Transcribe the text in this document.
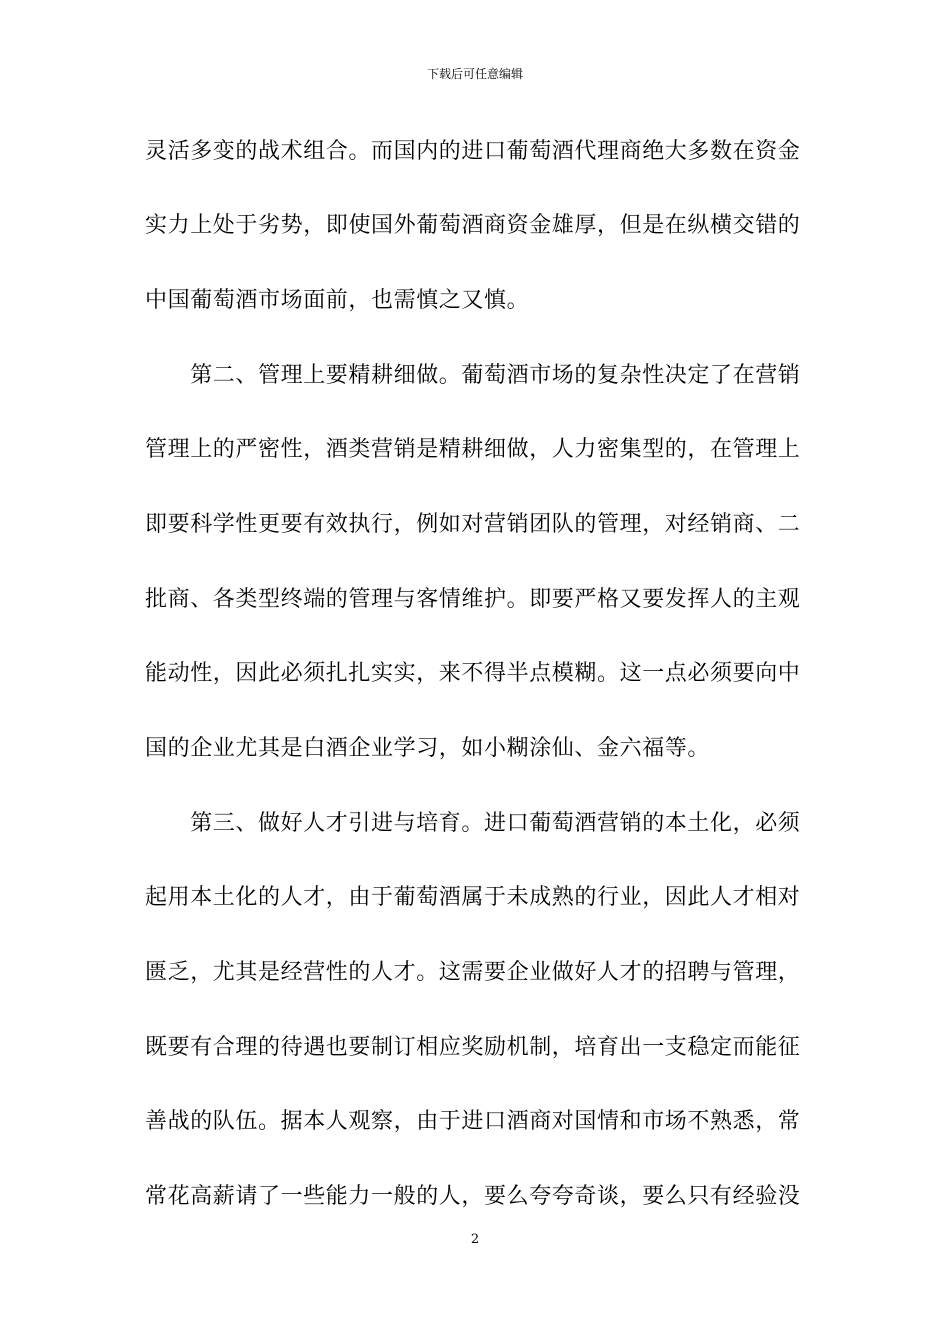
下载后可任意编辑
灵活多变的战术组合。而国内的进口葡萄酒代理商绝大多数在资金
实力上处于劣势，即使国外葡萄酒商资金雄厚，但是在纵横交错的
中国葡萄酒市场面前，也需慎之又慎。
　　第二、管理上要精耕细做。葡萄酒市场的复杂性决定了在营销
管理上的严密性，酒类营销是精耕细做，人力密集型的，在管理上
即要科学性更要有效执行，例如对营销团队的管理，对经销商、二
批商、各类型终端的管理与客情维护。即要严格又要发挥人的主观
能动性，因此必须扎扎实实，来不得半点模糊。这一点必须要向中
国的企业尤其是白酒企业学习，如小糊涂仙、金六福等。
　　第三、做好人才引进与培育。进口葡萄酒营销的本土化，必须
起用本土化的人才，由于葡萄酒属于未成熟的行业，因此人才相对
匮乏，尤其是经营性的人才。这需要企业做好人才的招聘与管理，
既要有合理的待遇也要制订相应奖励机制，培育出一支稳定而能征
善战的队伍。据本人观察，由于进口酒商对国情和市场不熟悉，常
常花高薪请了一些能力一般的人，要么夸夸奇谈，要么只有经验没
2
